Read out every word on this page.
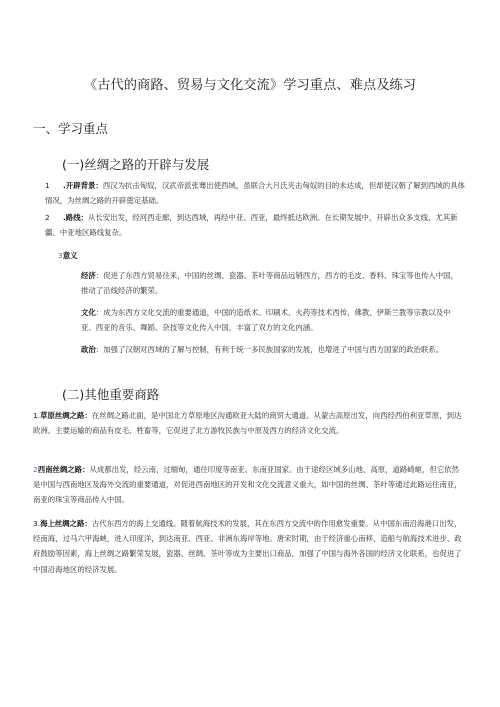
《古代的商路、贸易与文化交流》学习重点、难点及练习
一、学习重点
(一)丝绸之路的开辟与发展
1 .开辟背景：西汉为抗击匈奴，汉武帝派张骞出使西域，虽联合大月氏夹击匈奴的目的未达成，但却使汉朝了解到西域的具体情况，为丝绸之路的开辟奠定基础。
2 .路线：从长安出发，经河西走廊，到达西域，再经中亚、西亚，最终抵达欧洲。在长期发展中，开辟出众多支线，尤其新疆、中亚地区路线复杂。
3意义
经济：促进了东西方贸易往来，中国的丝绸、瓷器、茶叶等商品远销西方，西方的毛皮、香料、珠宝等也传入中国，推动了沿线经济的繁荣。
文化：成为东西方文化交流的重要通道，中国的造纸术、印刷术、火药等技术西传，佛教、伊斯兰教等宗教以及中亚、西亚的音乐、舞蹈、杂技等文化传入中国，丰富了双方的文化内涵。
政治：加强了汉朝对西域的了解与控制，有利于统一多民族国家的发展，也增进了中国与西方国家的政治联系。
(二)其他重要商路
1.草原丝绸之路：在丝绸之路北面，是中国北方草原地区沟通欧亚大陆的商贸大通道。从蒙古高原出发，向西经西伯利亚草原，到达欧洲。主要运输的商品有皮毛、牲畜等，它促进了北方游牧民族与中原及西方的经济文化交流。
2西南丝绸之路：从成都出发，经云南，过缅甸，通往印度等南亚、东南亚国家。由于途经区域多山地、高原，道路崎岖，但它依然是中国与西南地区及海外交流的重要通道，对促进西南地区的开发和文化交流意义重大，如中国的丝绸、茶叶等通过此路运往南亚，南亚的珠宝等商品传入中国。
3.海上丝绸之路：古代东西方的海上交通线。随着航海技术的发展，其在东西方交流中的作用愈发重要。从中国东南沿海港口出发，经南海，过马六甲海峡，进入印度洋，到达南亚、西亚、非洲东海岸等地。唐宋时期，由于经济重心南移、造船与航海技术进步、政府鼓励等因素，海上丝绸之路繁荣发展，瓷器、丝绸、茶叶等成为主要出口商品，加强了中国与海外各国的经济文化联系，也促进了中国沿海地区的经济发展。
